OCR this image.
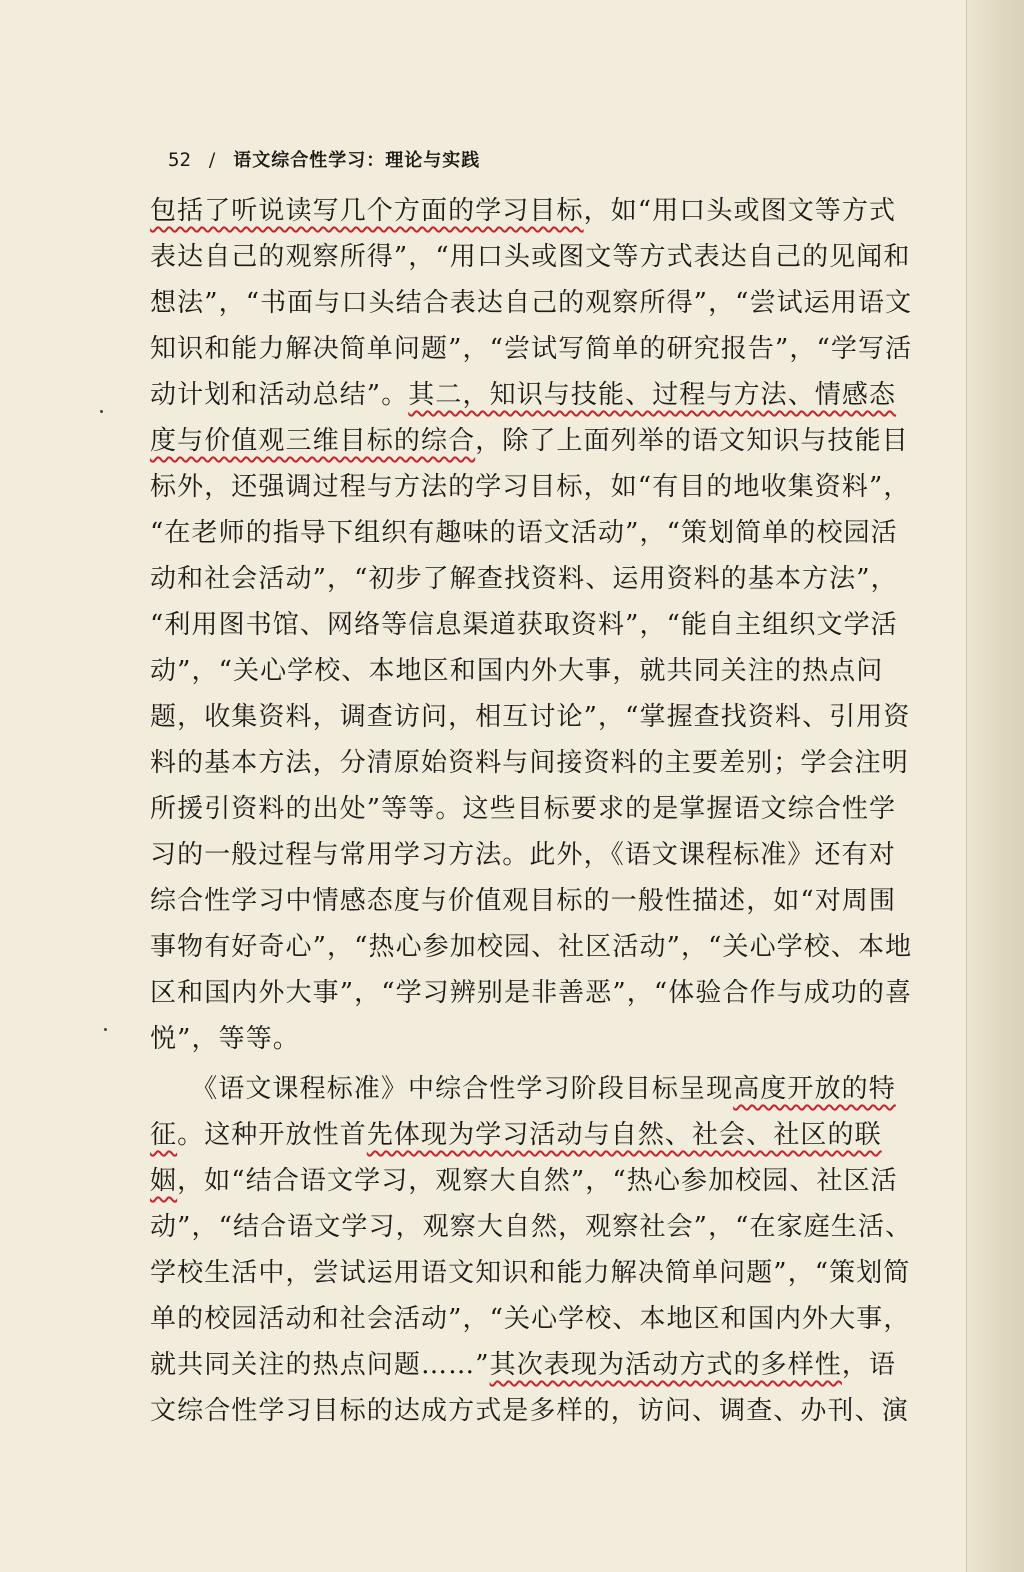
52 / 语文综合性学习：理论与实践
包括了听说读写几个方面的学习目标，如“用口头或图文等方式
表达自己的观察所得”，“用口头或图文等方式表达自己的见闻和
想法”，“书面与口头结合表达自己的观察所得”，“尝试运用语文
知识和能力解决简单问题”，“尝试写简单的研究报告”，“学写活
动计划和活动总结”。其二，知识与技能、过程与方法、情感态
度与价值观三维目标的综合，除了上面列举的语文知识与技能目
标外，还强调过程与方法的学习目标，如“有目的地收集资料”，
“在老师的指导下组织有趣味的语文活动”，“策划简单的校园活
动和社会活动”，“初步了解查找资料、运用资料的基本方法”，
“利用图书馆、网络等信息渠道获取资料”，“能自主组织文学活
动”，“关心学校、本地区和国内外大事，就共同关注的热点问
题，收集资料，调查访问，相互讨论”，“掌握查找资料、引用资
料的基本方法，分清原始资料与间接资料的主要差别；学会注明
所援引资料的出处”等等。这些目标要求的是掌握语文综合性学
习的一般过程与常用学习方法。此外，《语文课程标准》还有对
综合性学习中情感态度与价值观目标的一般性描述，如“对周围
事物有好奇心”，“热心参加校园、社区活动”，“关心学校、本地
区和国内外大事”，“学习辨别是非善恶”，“体验合作与成功的喜
悦”，等等。
　　《语文课程标准》中综合性学习阶段目标呈现高度开放的特
征。这种开放性首先体现为学习活动与自然、社会、社区的联
姻，如“结合语文学习，观察大自然”，“热心参加校园、社区活
动”，“结合语文学习，观察大自然，观察社会”，“在家庭生活、
学校生活中，尝试运用语文知识和能力解决简单问题”，“策划简
单的校园活动和社会活动”，“关心学校、本地区和国内外大事，
就共同关注的热点问题……”其次表现为活动方式的多样性，语
文综合性学习目标的达成方式是多样的，访问、调查、办刊、演
